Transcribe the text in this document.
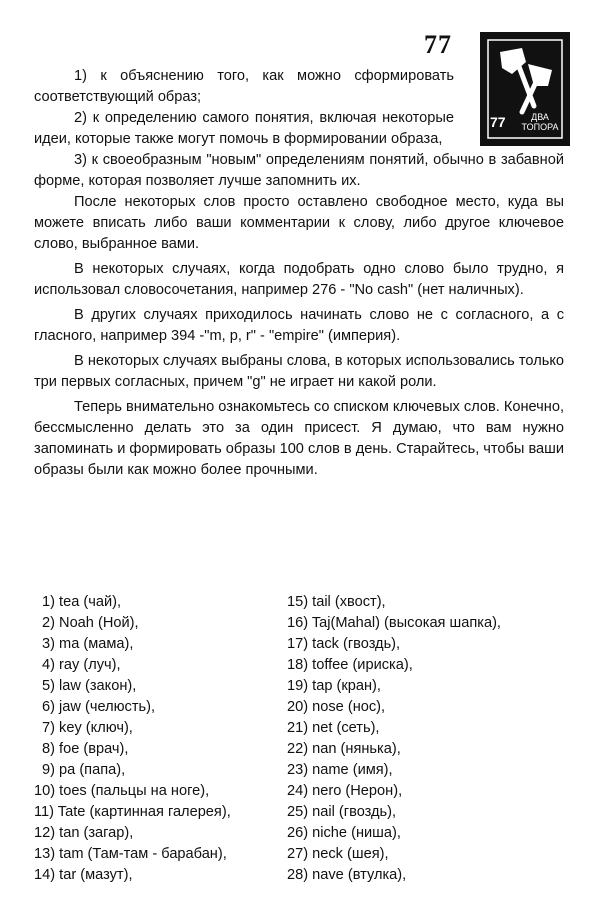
77
77	ДВА ТОПОРА

1) к объяснению того, как можно сформировать соответствующий образ;

2) к определению самого понятия, включая некоторые идеи, которые также могут помочь в формировании образа,

3) к своеобразным "новым" определениям понятий, обычно в забавной форме, которая позволяет лучше запомнить их.

После некоторых слов просто оставлено свободное место, куда вы можете вписать либо ваши комментарии к слову, либо другое ключевое слово, выбранное вами.

В некоторых случаях, когда подобрать одно слово было трудно, я использовал словосочетания, например 276 - "No cash" (нет наличных).

В других случаях приходилось начинать слово не с согласного, а с гласного, например 394 -"m, p, r" - "empire" (империя).

В некоторых случаях выбраны слова, в которых использовались только три первых согласных, причем "g" не играет ни какой роли.

Теперь внимательно ознакомьтесь со списком ключевых слов. Конечно, бессмысленно делать это за один присест. Я думаю, что вам нужно запоминать и формировать образы 100 слов в день. Старайтесь, чтобы ваши образы были как можно более прочными.

1) tea (чай),
2) Noah (Ной),
3) ma (мама),
4) ray (луч),
5) law (закон),
6) jaw (челюсть),
7) key (ключ),
8) foe (врач),
9) pa (папа),
10) toes (пальцы на ноге),
11) Tate (картинная галерея),
12) tan (загар),
13) tam (Там-там - барабан),
14) tar (мазут),
15) tail (хвост),
16) Taj(Mahal) (высокая шапка),
17) tack (гвоздь),
18) toffee (ириска),
19) tap (кран),
20) nose (нос),
21) net (сеть),
22) nan (нянька),
23) name (имя),
24) nero (Нерон),
25) nail (гвоздь),
26) niche (ниша),
27) neck (шея),
28) nave (втулка),
